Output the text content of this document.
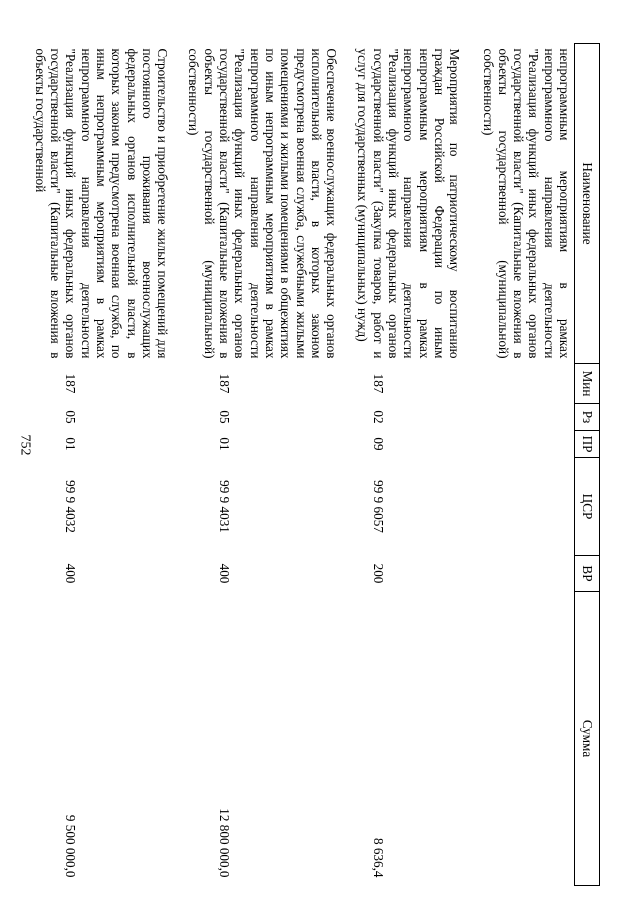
752
Наименование	Мин	Рз	ПР	ЦСР	ВР	Сумма
непрограммным мероприятиям в рамках непрограммного направления деятельности "Реализация функций иных федеральных органов государственной власти" (Капитальные вложения в объекты государственной (муниципальной) собственности)						
Мероприятия по патриотическому воспитанию граждан Российской Федерации по иным непрограммным мероприятиям в рамках непрограммного направления деятельности "Реализация функций иных федеральных органов государственной власти" (Закупка товаров, работ и услуг для государственных (муниципальных) нужд)	187	02	09	99 9 6057	200	8 636,4
Обеспечение военнослужащих федеральных органов исполнительной власти, в которых законом предусмотрена военная служба, служебными жилыми помещениями и жилыми помещениями в общежитиях по иным непрограммным мероприятиям в рамках непрограммного направления деятельности "Реализация функций иных федеральных органов государственной власти" (Капитальные вложения в объекты государственной (муниципальной) собственности)	187	05	01	99 9 4031	400	12 800 000,0
Строительство и приобретение жилых помещений для постоянного проживания военнослужащих федеральных органов исполнительной власти, в которых законом предусмотрена военная служба, по иным непрограммным мероприятиям в рамках непрограммного направления деятельности "Реализация функций иных федеральных органов государственной власти" (Капитальные вложения в объекты государственной	187	05	01	99 9 4032	400	9 500 000,0
